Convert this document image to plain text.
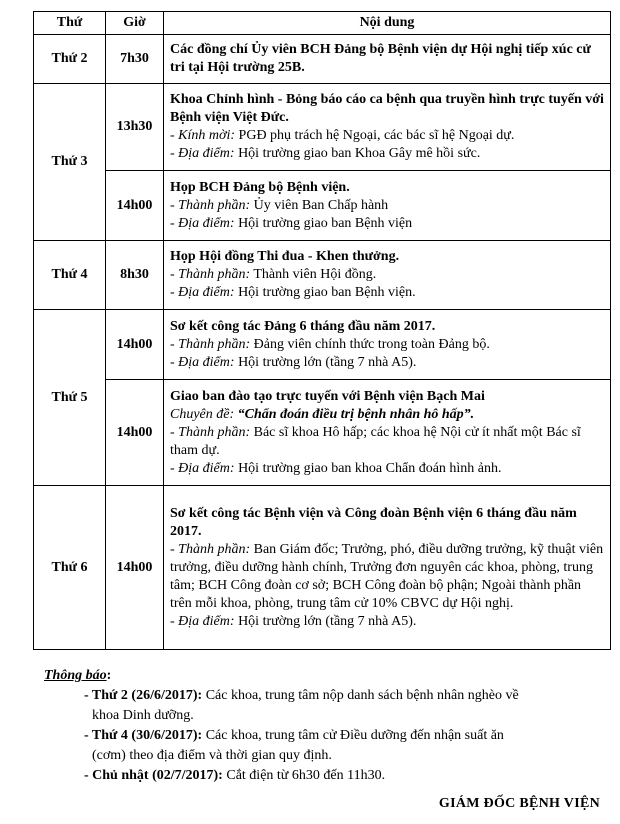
Thứ	Giờ	Nội dung
Thứ 2	7h30	Các đồng chí Ủy viên BCH Đảng bộ Bệnh viện dự Hội nghị tiếp xúc cử tri tại Hội trường 25B.

Thứ 3	13h30	Khoa Chỉnh hình - Bỏng báo cáo ca bệnh qua truyền hình trực tuyến với Bệnh viện Việt Đức.
- Kính mời: PGĐ phụ trách hệ Ngoại, các bác sĩ hệ Ngoại dự.
- Địa điểm: Hội trường giao ban Khoa Gây mê hồi sức.

	14h00	Họp BCH Đảng bộ Bệnh viện.
- Thành phần: Ủy viên Ban Chấp hành
- Địa điểm: Hội trường giao ban Bệnh viện

Thứ 4	8h30	Họp Hội đồng Thi đua - Khen thưởng.
- Thành phần: Thành viên Hội đồng.
- Địa điểm: Hội trường giao ban Bệnh viện.

Thứ 5	14h00	Sơ kết công tác Đảng 6 tháng đầu năm 2017.
- Thành phần: Đảng viên chính thức trong toàn Đảng bộ.
- Địa điểm: Hội trường lớn (tầng 7 nhà A5).

	14h00	Giao ban đào tạo trực tuyến với Bệnh viện Bạch Mai
Chuyên đề: “Chẩn đoán điều trị bệnh nhân hô hấp”.
- Thành phần: Bác sĩ khoa Hô hấp; các khoa hệ Nội cử ít nhất một Bác sĩ tham dự.
- Địa điểm: Hội trường giao ban khoa Chẩn đoán hình ảnh.

Thứ 6	14h00	Sơ kết công tác Bệnh viện và Công đoàn Bệnh viện 6 tháng đầu năm 2017.
- Thành phần: Ban Giám đốc; Trưởng, phó, điều dưỡng trưởng, kỹ thuật viên trưởng, điều dưỡng hành chính, Trưởng đơn nguyên các khoa, phòng, trung tâm; BCH Công đoàn cơ sở; BCH Công đoàn bộ phận; Ngoài thành phần trên mỗi khoa, phòng, trung tâm cử 10% CBVC dự Hội nghị.
- Địa điểm: Hội trường lớn (tầng 7 nhà A5).
Thông báo:
- Thứ 2 (26/6/2017): Các khoa, trung tâm nộp danh sách bệnh nhân nghèo về
khoa Dinh dưỡng.
- Thứ 4 (30/6/2017): Các khoa, trung tâm cử Điều dưỡng đến nhận suất ăn
(cơm) theo địa điểm và thời gian quy định.
- Chủ nhật (02/7/2017): Cắt điện từ 6h30 đến 11h30.
GIÁM ĐỐC BỆNH VIỆN
